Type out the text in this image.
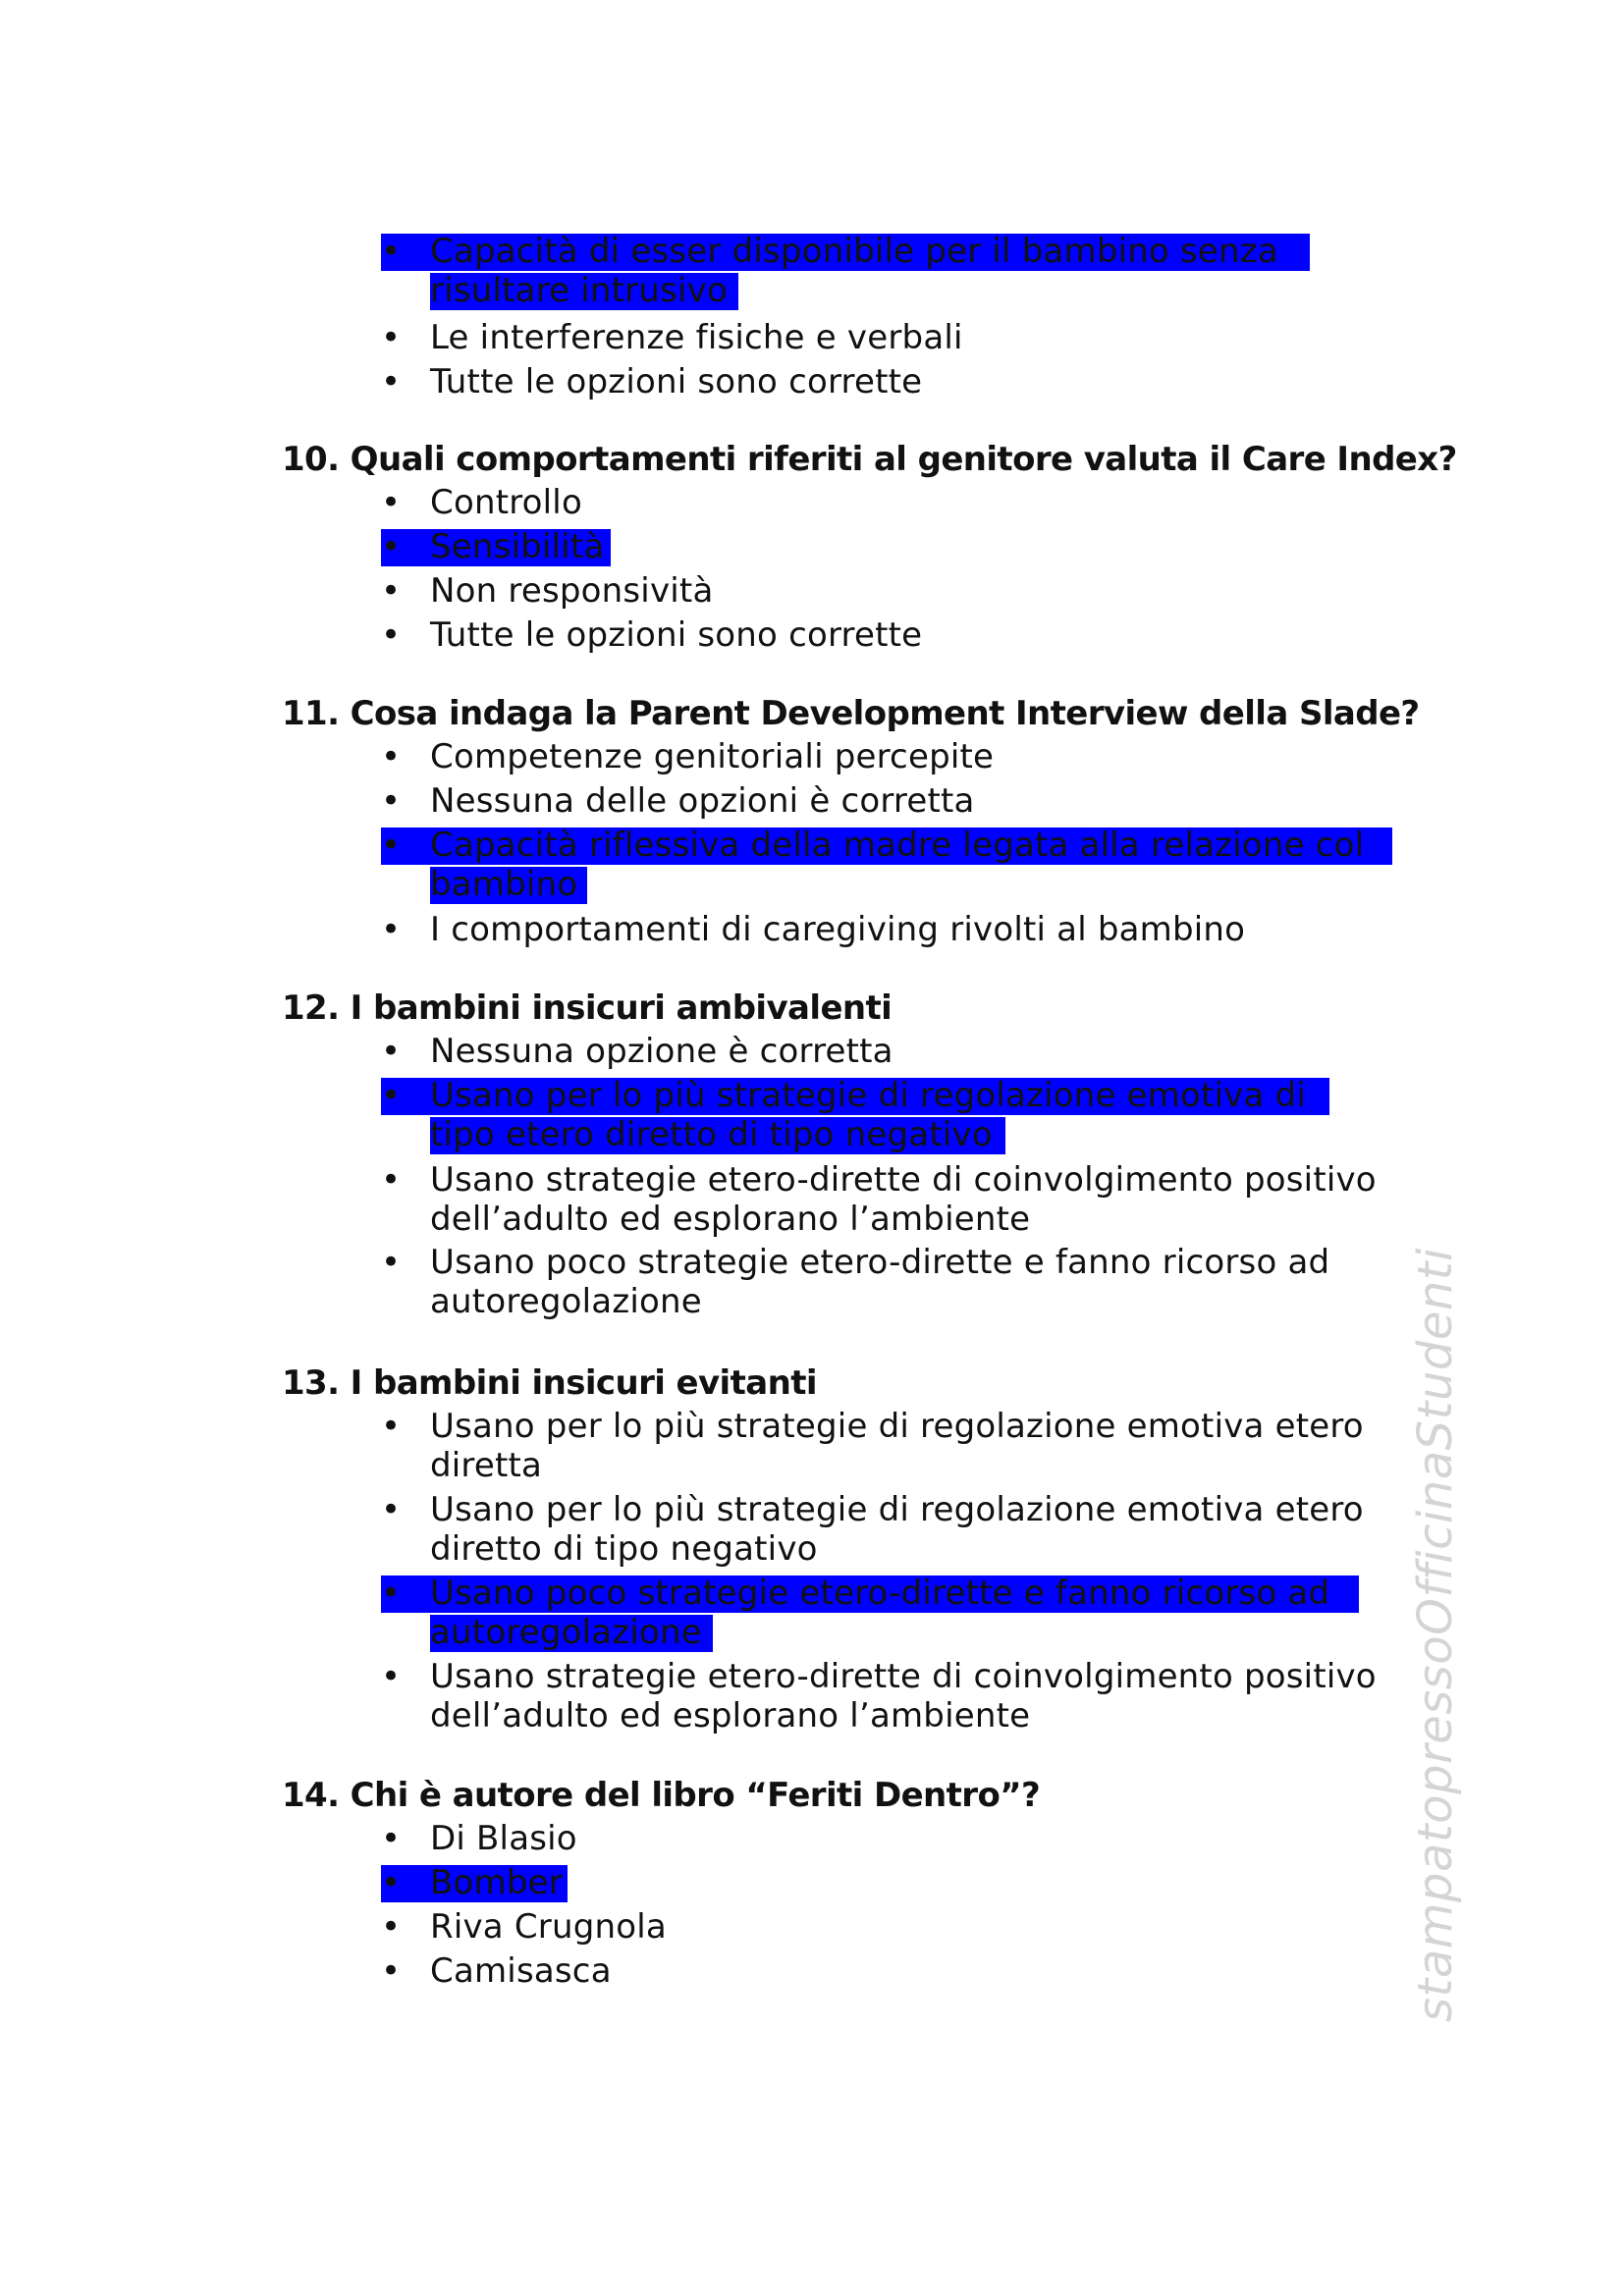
• Capacità di esser disponibile per il bambino senza
risultare intrusivo
• Le interferenze fisiche e verbali
• Tutte le opzioni sono corrette
10. Quali comportamenti riferiti al genitore valuta il Care Index?
• Controllo
• Sensibilità
• Non responsività
• Tutte le opzioni sono corrette
11. Cosa indaga la Parent Development Interview della Slade?
• Competenze genitoriali percepite
• Nessuna delle opzioni è corretta
• Capacità riflessiva della madre legata alla relazione col
bambino
• I comportamenti di caregiving rivolti al bambino
12. I bambini insicuri ambivalenti
• Nessuna opzione è corretta
• Usano per lo più strategie di regolazione emotiva di
tipo etero diretto di tipo negativo
• Usano strategie etero-dirette di coinvolgimento positivo
dell’adulto ed esplorano l’ambiente
• Usano poco strategie etero-dirette e fanno ricorso ad
autoregolazione
13. I bambini insicuri evitanti
• Usano per lo più strategie di regolazione emotiva etero
diretta
• Usano per lo più strategie di regolazione emotiva etero
diretto di tipo negativo
• Usano poco strategie etero-dirette e fanno ricorso ad
autoregolazione
• Usano strategie etero-dirette di coinvolgimento positivo
dell’adulto ed esplorano l’ambiente
14. Chi è autore del libro “Feriti Dentro”?
• Di Blasio
• Bomber
• Riva Crugnola
• Camisasca	stampatopressoOfficinaStudenti
